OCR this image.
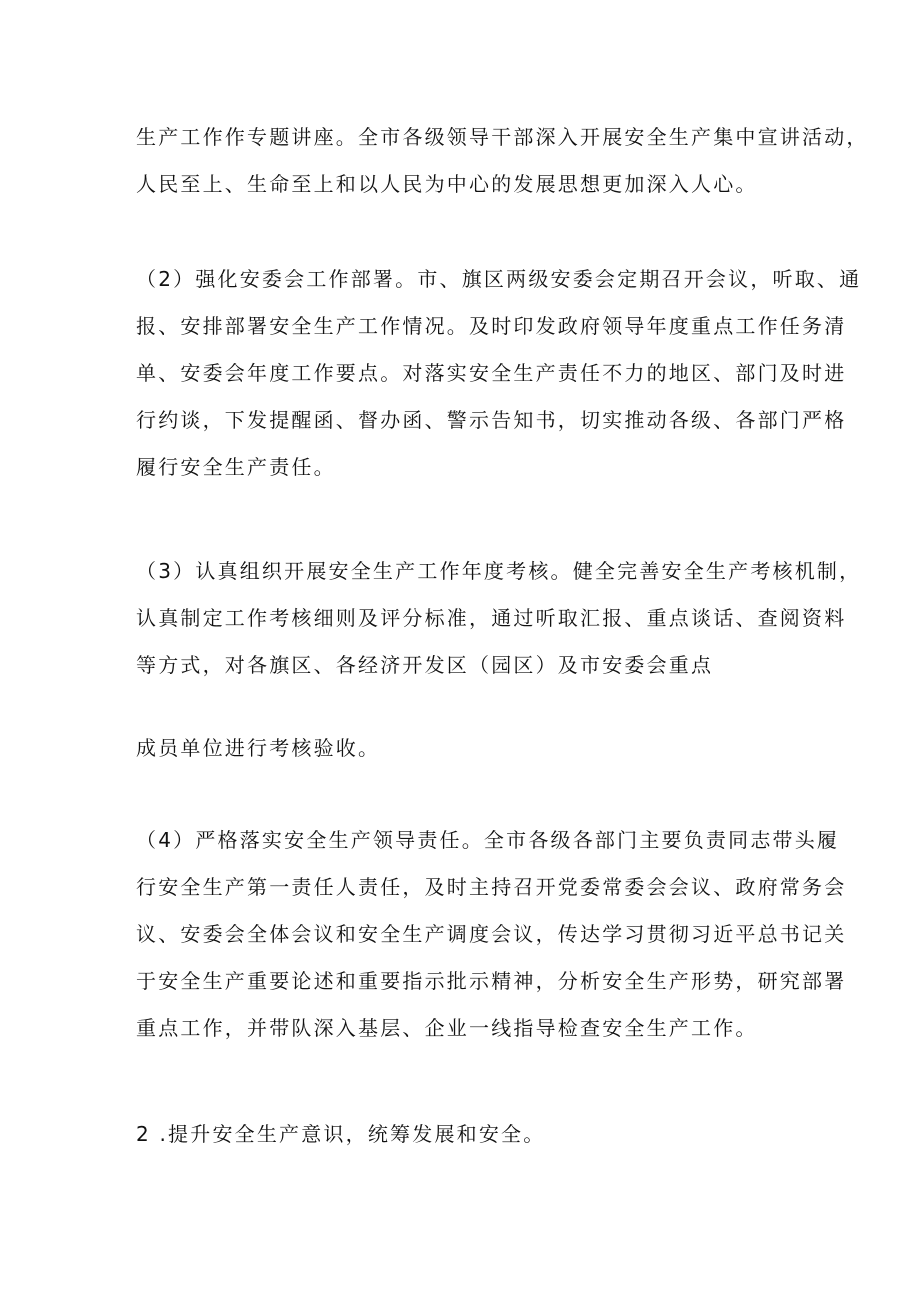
生产工作作专题讲座。全市各级领导干部深入开展安全生产集中宣讲活动，
人民至上、生命至上和以人民为中心的发展思想更加深入人心。
（2）强化安委会工作部署。市、旗区两级安委会定期召开会议，听取、通
报、安排部署安全生产工作情况。及时印发政府领导年度重点工作任务清
单、安委会年度工作要点。对落实安全生产责任不力的地区、部门及时进
行约谈，下发提醒函、督办函、警示告知书，切实推动各级、各部门严格
履行安全生产责任。
（3）认真组织开展安全生产工作年度考核。健全完善安全生产考核机制，
认真制定工作考核细则及评分标准，通过听取汇报、重点谈话、查阅资料
等方式，对各旗区、各经济开发区（园区）及市安委会重点
成员单位进行考核验收。
（4）严格落实安全生产领导责任。全市各级各部门主要负责同志带头履
行安全生产第一责任人责任，及时主持召开党委常委会会议、政府常务会
议、安委会全体会议和安全生产调度会议，传达学习贯彻习近平总书记关
于安全生产重要论述和重要指示批示精神，分析安全生产形势，研究部署
重点工作，并带队深入基层、企业一线指导检查安全生产工作。
2 .提升安全生产意识，统筹发展和安全。
